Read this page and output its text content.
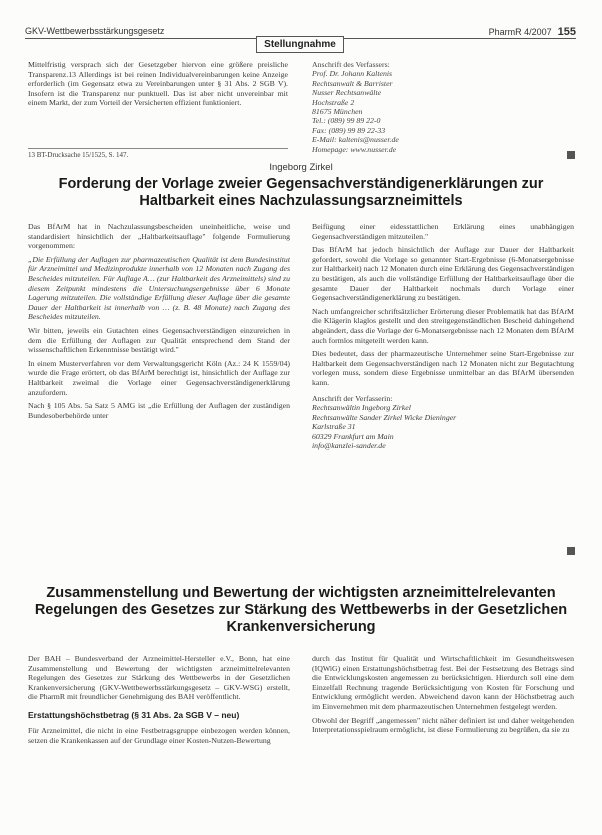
GKV-Wettbewerbsstärkungsgesetz	PharmR 4/2007 155
Stellungnahme

Mittelfristig versprach sich der Gesetzgeber hiervon eine größere preisliche Transparenz.13 Allerdings ist bei reinen Individualvereinbarungen keine Anzeige erforderlich (im Gegensatz etwa zu Vereinbarungen unter § 31 Abs. 2 SGB V). Insofern ist die Transparenz nur punktuell. Das ist aber nicht unvereinbar mit einem Markt, der zum Vorteil der Versicherten effizient funktioniert.

13 BT-Drucksache 15/1525, S. 147.
Anschrift des Verfassers:
Prof. Dr. Johann Kaltenis
Rechtsanwalt & Barrister
Nusser Rechtsanwälte
Hochstraße 2
81675 München
Tel.: (089) 99 89 22-0
Fax: (089) 99 89 22-33
E-Mail: kaltenis@nusser.de
Homepage: www.nusser.de
Ingeborg Zirkel
Forderung der Vorlage zweier Gegensachverständigenerklärungen zur Haltbarkeit eines Nachzulassungsarzneimittels

Das BfArM hat in Nachzulassungsbescheiden uneinheitliche, weise und standardisiert hinsichtlich der „Haltbarkeitsauflage" folgende Formulierung vorgenommen:

„Die Erfüllung der Auflagen zur pharmazeutischen Qualität ist dem Bundesinstitut für Arzneimittel und Medizinprodukte innerhalb von 12 Monaten nach Zugang des Bescheides mitzuteilen. Für Auflage A… (zur Haltbarkeit des Arzneimittels) sind zu diesem Zeitpunkt mindestens die Untersuchungsergebnisse über 6 Monate Lagerung mitzuteilen. Die vollständige Erfüllung dieser Auflage über die gesamte Dauer der Haltbarkeit ist innerhalb von … (z. B. 48 Monate) nach Zugang des Bescheides mitzuteilen.

Wir bitten, jeweils ein Gutachten eines Gegensachverständigen einzureichen in dem die Erfüllung der Auflagen zur Qualität entsprechend dem Stand der wissenschaftlichen Erkenntnisse bestätigt wird."

In einem Musterverfahren vor dem Verwaltungsgericht Köln (Az.: 24 K 1559/04) wurde die Frage erörtert, ob das BfArM berechtigt ist, hinsichtlich der Auflage zur Haltbarkeit zweimal die Vorlage einer Gegensachverständigenerklärung anzufordern.

Nach § 105 Abs. 5a Satz 5 AMG ist „die Erfüllung der Auflagen der zuständigen Bundesoberbehörde unter

Beifügung einer eidesstattlichen Erklärung eines unabhängigen Gegensachverständigen mitzuteilen."

Das BfArM hat jedoch hinsichtlich der Auflage zur Dauer der Haltbarkeit gefordert, sowohl die Vorlage so genannter Start-Ergebnisse (6-Monatsergebnisse zur Haltbarkeit) nach 12 Monaten durch eine Erklärung des Gegensachverständigen zu bestätigen, als auch die vollständige Erfüllung der Haltbarkeitsauflage über die gesamte Dauer der Haltbarkeit nochmals durch Vorlage einer Gegensachverständigenerklärung zu bestätigen.

Nach umfangreicher schriftsätzlicher Erörterung dieser Problematik hat das BfArM die Klägerin klaglos gestellt und den streitgegenständlichen Bescheid dahingehend abgeändert, dass die Vorlage der 6-Monatsergebnisse nach 12 Monaten dem BfArM auch formlos mitgeteilt werden kann.

Dies bedeutet, dass der pharmazeutische Unternehmer seine Start-Ergebnisse zur Haltbarkeit dem Gegensachverständigen nach 12 Monaten nicht zur Begutachtung vorlegen muss, sondern diese Ergebnisse unmittelbar an das BfArM übersenden kann.

Anschrift der Verfasserin:
Rechtsanwältin Ingeborg Zirkel
Rechtsanwälte Sander Zirkel Wicke Dieninger
Karlstraße 31
60329 Frankfurt am Main
info@kanzlei-sander.de
Zusammenstellung und Bewertung der wichtigsten arzneimittelrelevanten Regelungen des Gesetzes zur Stärkung des Wettbewerbs in der Gesetzlichen Krankenversicherung

Der BAH – Bundesverband der Arzneimittel-Hersteller e.V., Bonn, hat eine Zusammenstellung und Bewertung der wichtigsten arzneimittelrelevanten Regelungen des Gesetzes zur Stärkung des Wettbewerbs in der Gesetzlichen Krankenversicherung (GKV-Wettbewerbsstärkungsgesetz – GKV-WSG) erstellt, die PharmR mit freundlicher Genehmigung des BAH veröffentlicht.

Erstattungshöchstbetrag (§ 31 Abs. 2a SGB V – neu)

Für Arzneimittel, die nicht in eine Festbetragsgruppe einbezogen werden können, setzen die Krankenkassen auf der Grundlage einer Kosten-Nutzen-Bewertung

durch das Institut für Qualität und Wirtschaftlichkeit im Gesundheitswesen (IQWiG) einen Erstattungshöchstbetrag fest. Bei der Festsetzung des Betrags sind die Entwicklungskosten angemessen zu berücksichtigen. Hierdurch soll eine dem Einzelfall Rechnung tragende Berücksichtigung von Kosten für Forschung und Entwicklung ermöglicht werden. Abweichend davon kann der Höchstbetrag auch im Einvernehmen mit dem pharmazeutischen Unternehmen festgelegt werden.

Obwohl der Begriff „angemessen" nicht näher definiert ist und daher weitgehenden Interpretationsspielraum ermöglicht, ist diese Formulierung zu begrüßen, da sie zu
